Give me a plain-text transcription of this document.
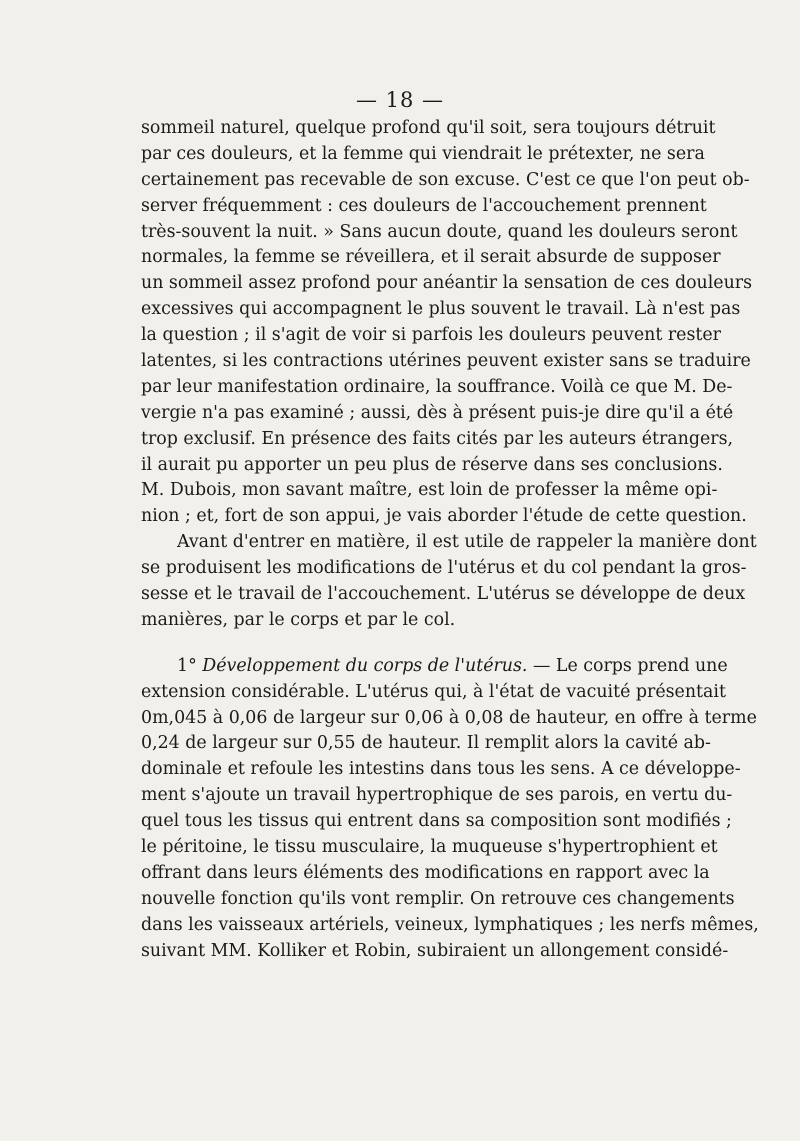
— 18 —
sommeil naturel, quelque profond qu'il soit, sera toujours détruit
par ces douleurs, et la femme qui viendrait le prétexter, ne sera
certainement pas recevable de son excuse. C'est ce que l'on peut ob-
server fréquemment : ces douleurs de l'accouchement prennent
très-souvent la nuit. » Sans aucun doute, quand les douleurs seront
normales, la femme se réveillera, et il serait absurde de supposer
un sommeil assez profond pour anéantir la sensation de ces douleurs
excessives qui accompagnent le plus souvent le travail. Là n'est pas
la question ; il s'agit de voir si parfois les douleurs peuvent rester
latentes, si les contractions utérines peuvent exister sans se traduire
par leur manifestation ordinaire, la souffrance. Voilà ce que M. De-
vergie n'a pas examiné ; aussi, dès à présent puis-je dire qu'il a été
trop exclusif. En présence des faits cités par les auteurs étrangers,
il aurait pu apporter un peu plus de réserve dans ses conclusions.
M. Dubois, mon savant maître, est loin de professer la même opi-
nion ; et, fort de son appui, je vais aborder l'étude de cette question.
Avant d'entrer en matière, il est utile de rappeler la manière dont
se produisent les modifications de l'utérus et du col pendant la gros-
sesse et le travail de l'accouchement. L'utérus se développe de deux
manières, par le corps et par le col.
1° Développement du corps de l'utérus. — Le corps prend une
extension considérable. L'utérus qui, à l'état de vacuité présentait
0m,045 à 0,06 de largeur sur 0,06 à 0,08 de hauteur, en offre à terme
0,24 de largeur sur 0,55 de hauteur. Il remplit alors la cavité ab-
dominale et refoule les intestins dans tous les sens. A ce développe-
ment s'ajoute un travail hypertrophique de ses parois, en vertu du-
quel tous les tissus qui entrent dans sa composition sont modifiés ;
le péritoine, le tissu musculaire, la muqueuse s'hypertrophient et
offrant dans leurs éléments des modifications en rapport avec la
nouvelle fonction qu'ils vont remplir. On retrouve ces changements
dans les vaisseaux artériels, veineux, lymphatiques ; les nerfs mêmes,
suivant MM. Kolliker et Robin, subiraient un allongement considé-
